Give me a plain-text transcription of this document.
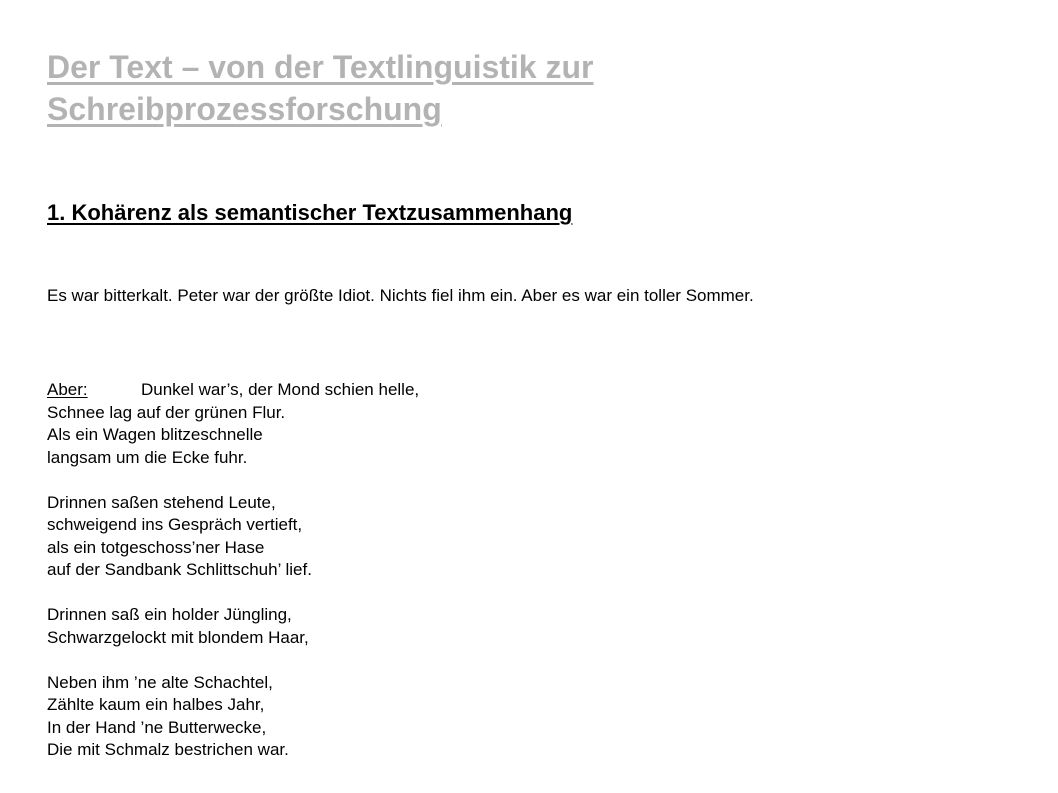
Der Text – von der Textlinguistik zur
Schreibprozessforschung
1. Kohärenz als semantischer Textzusammenhang

Es war bitterkalt. Peter war der größte Idiot. Nichts fiel ihm ein. Aber es war ein toller Sommer.

Aber:	Dunkel war’s, der Mond schien helle,
Schnee lag auf der grünen Flur.
Als ein Wagen blitzeschnelle
langsam um die Ecke fuhr.
Drinnen saßen stehend Leute,
schweigend ins Gespräch vertieft,
als ein totgeschoss’ner Hase
auf der Sandbank Schlittschuh’ lief.
Drinnen saß ein holder Jüngling,
Schwarzgelockt mit blondem Haar,
Neben ihm ’ne alte Schachtel,
Zählte kaum ein halbes Jahr,
In der Hand ’ne Butterwecke,
Die mit Schmalz bestrichen war.
